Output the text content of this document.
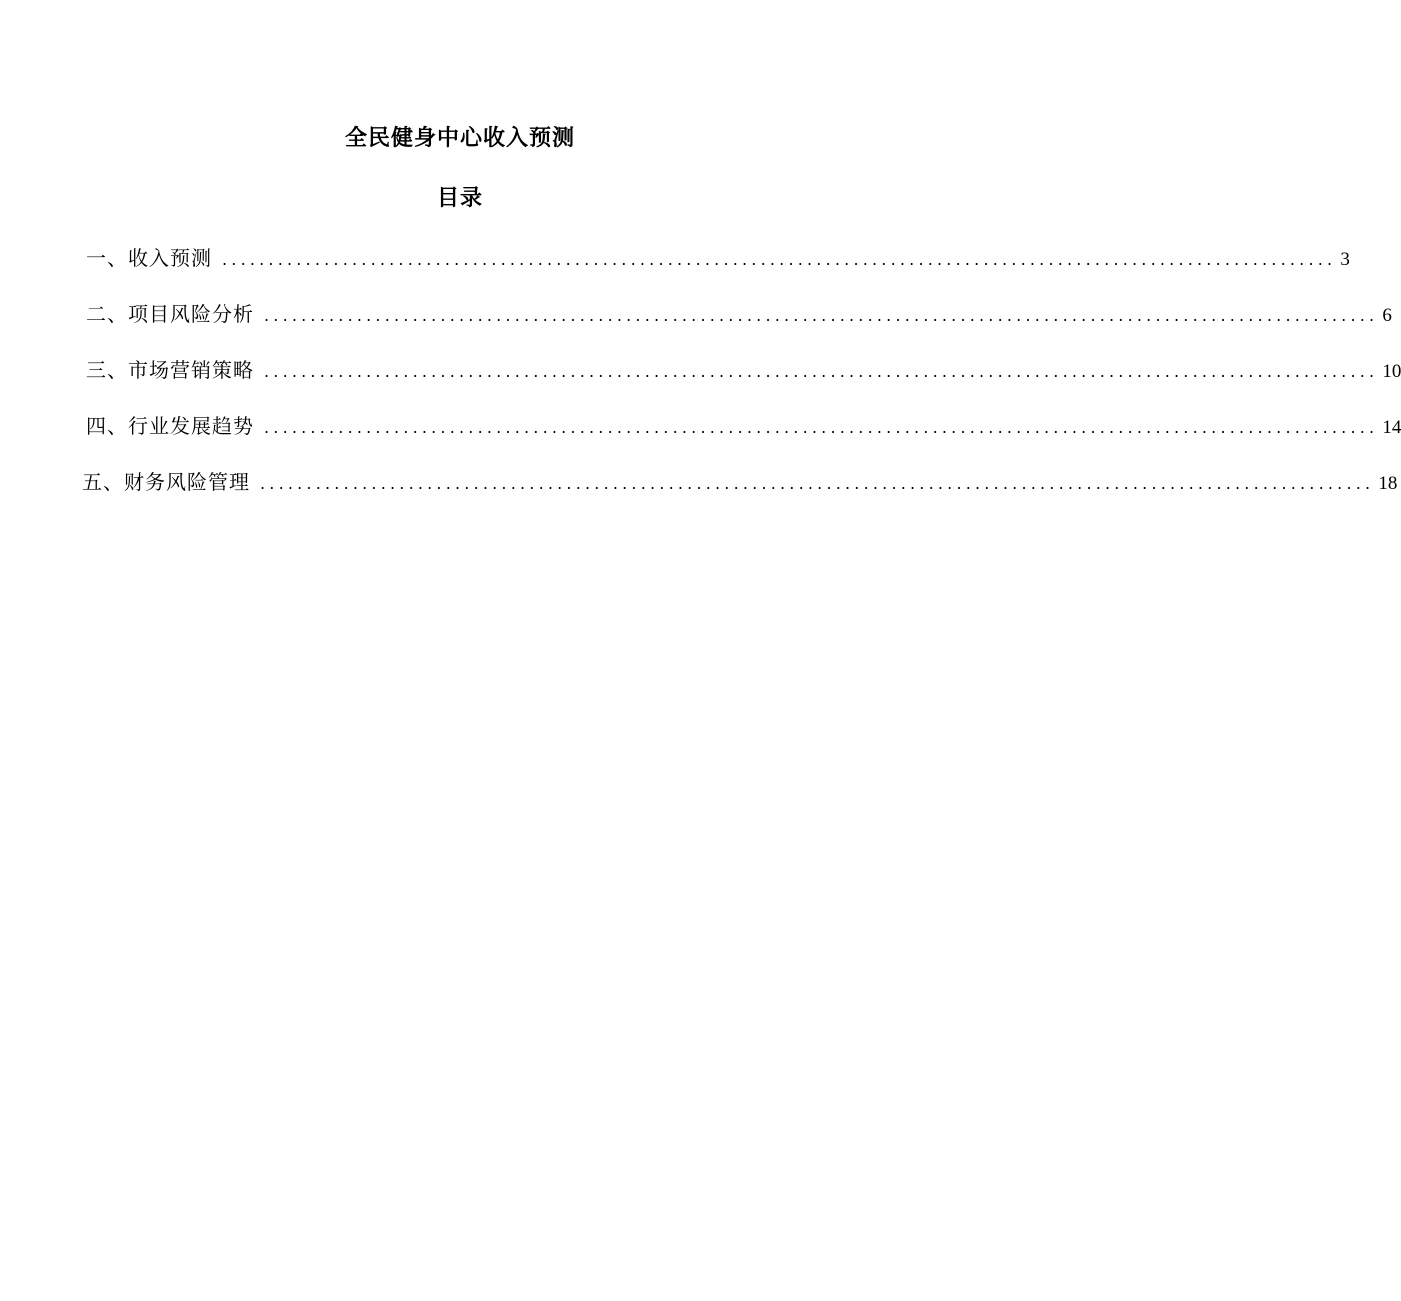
全民健身中心收入预测
目录
一、收入预测 ........................................................................................................................ 3
二、项目风险分析 ........................................................................................................................ 6
三、市场营销策略 ........................................................................................................................ 10
四、行业发展趋势 ........................................................................................................................ 14
五、财务风险管理 ........................................................................................................................ 18
